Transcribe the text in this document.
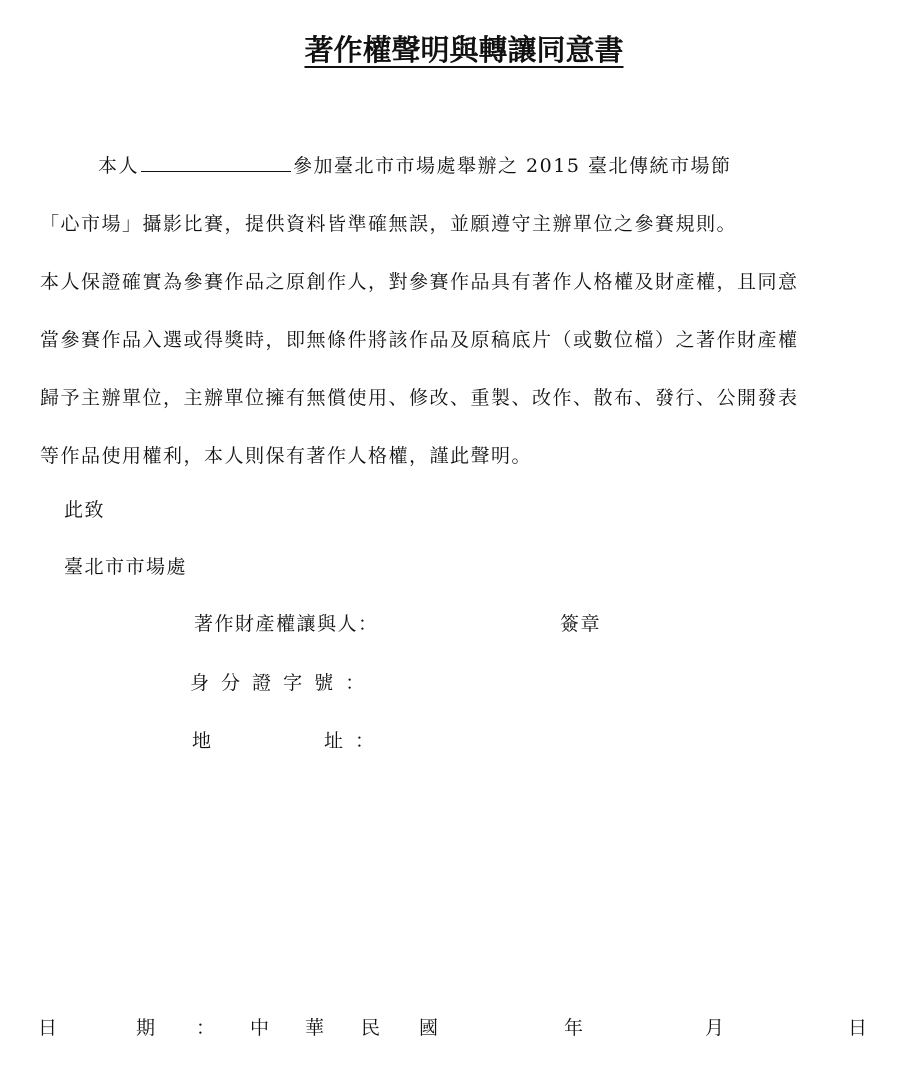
著作權聲明與轉讓同意書
本人	參加臺北市市場處舉辦之 2015 臺北傳統市場節
「心市場」攝影比賽，提供資料皆準確無誤，並願遵守主辦單位之參賽規則。
本人保證確實為參賽作品之原創作人，對參賽作品具有著作人格權及財產權，且同意
當參賽作品入選或得獎時，即無條件將該作品及原稿底片（或數位檔）之著作財產權
歸予主辦單位，主辦單位擁有無償使用、修改、重製、改作、散布、發行、公開發表
等作品使用權利，本人則保有著作人格權，謹此聲明。
此致
臺北市市場處
著作財產權讓與人：	簽章
身 分 證 字 號 ：
地	址 ：
日	期 ： 中 華 民 國	年	月	日
